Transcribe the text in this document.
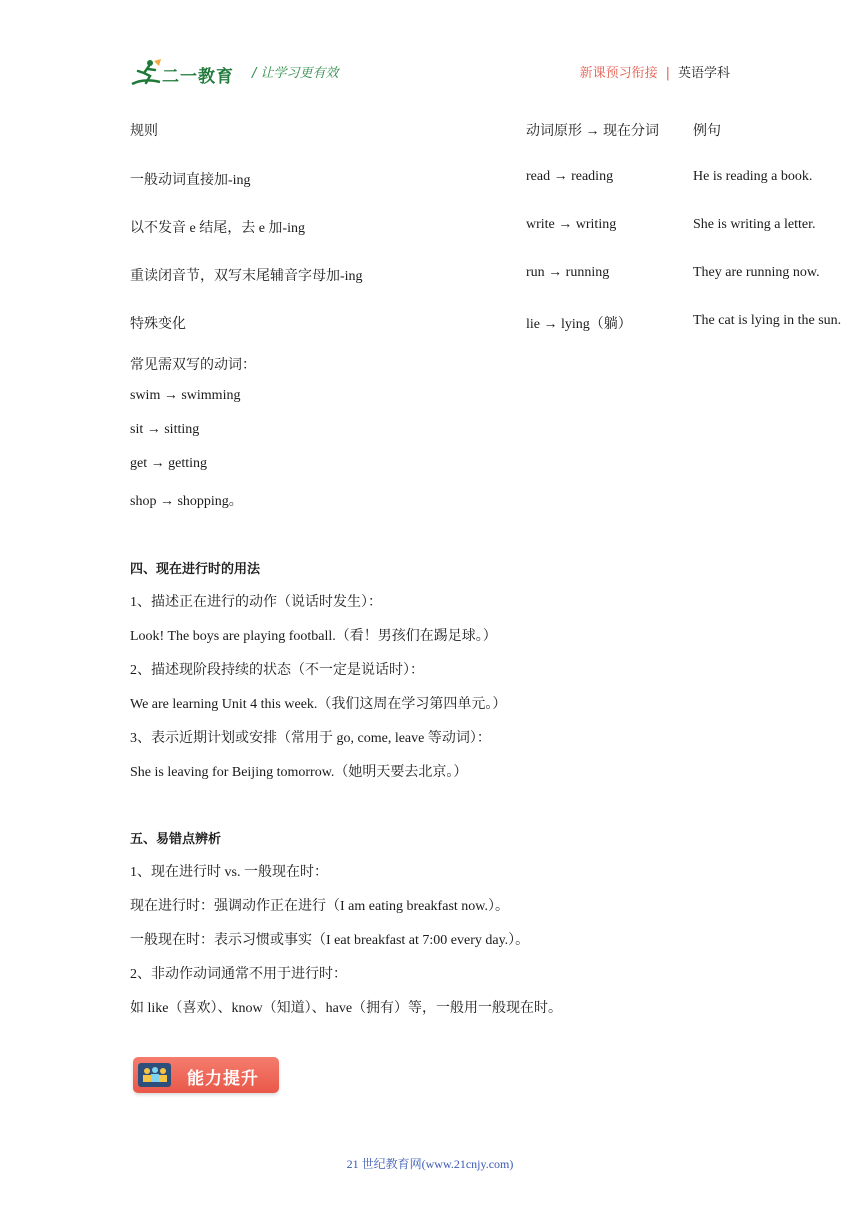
二一教育 / 让学习更有效	新课预习衔接 | 英语学科
规则	动词原形 → 现在分词 例句
一般动词直接加-ing	read → reading	He is reading a book.
以不发音 e 结尾，去 e 加-ing	write → writing	She is writing a letter.
重读闭音节，双写末尾辅音字母加-ing	run → running	They are running now.
特殊变化	lie → lying（躺）	The cat is lying in the sun.
常见需双写的动词：
swim → swimming
sit → sitting
get → getting
shop → shopping。
四、现在进行时的用法
1、描述正在进行的动作（说话时发生）：
Look! The boys are playing football.（看！男孩们在踢足球。）
2、描述现阶段持续的状态（不一定是说话时）：
We are learning Unit 4 this week.（我们这周在学习第四单元。）
3、表示近期计划或安排（常用于 go, come, leave 等动词）：
She is leaving for Beijing tomorrow.（她明天要去北京。）
五、易错点辨析
1、现在进行时 vs. 一般现在时：
现在进行时：强调动作正在进行（I am eating breakfast now.）。
一般现在时：表示习惯或事实（I eat breakfast at 7:00 every day.）。
2、非动作动词通常不用于进行时：
如 like（喜欢）、know（知道）、have（拥有）等，一般用一般现在时。
能力提升
21 世纪教育网(www.21cnjy.com)
